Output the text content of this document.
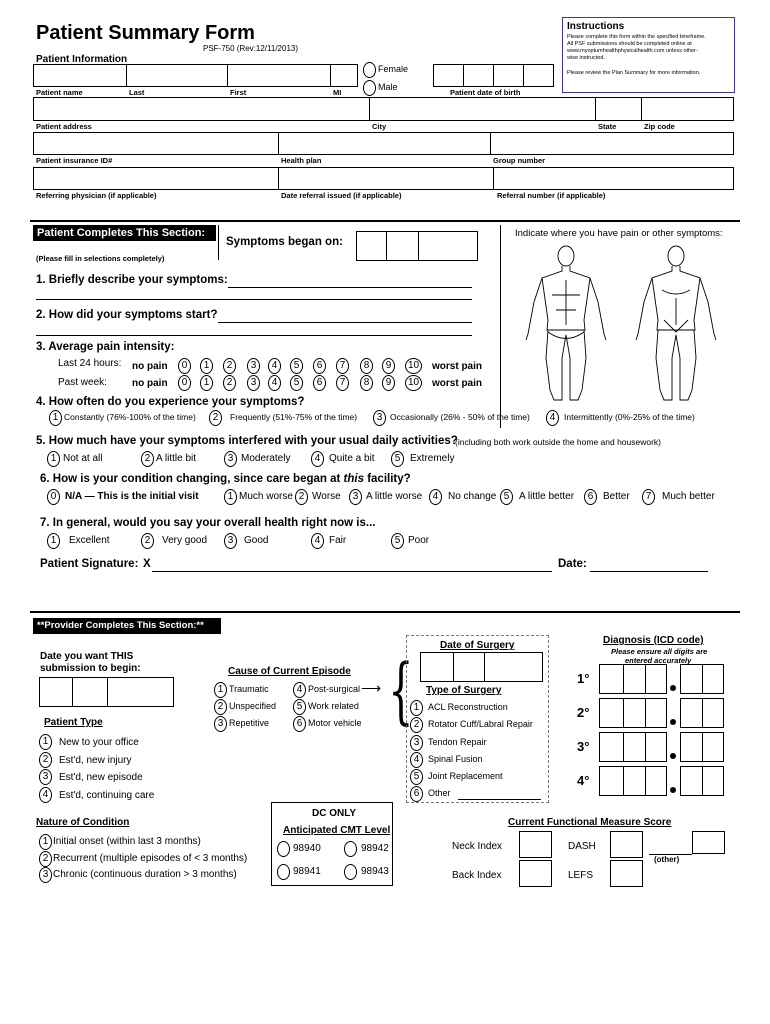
Patient Summary Form
PSF-750 (Rev:12/11/2013)
Patient Information
Instructions
Please complete this form within the specified timeframe.
All PSF submissions should be completed online at
www.myoptumhealthphysicalhealth.com unless other-
wise instructed.
Please review the Plan Summary for more information.
Female
Male
Patient name	Last	First	MI	Patient date of birth
Patient address	City	State	Zip code
Patient insurance ID#	Health plan	Group number
Referring physician (if applicable)	Date referral issued (if applicable)	Referral number (if applicable)
Patient Completes This Section:
Symptoms began on:
(Please fill in selections completely)
Indicate where you have pain or other symptoms:
1. Briefly describe your symptoms:
2. How did your symptoms start?
3. Average pain intensity:
Last 24 hours: no pain	worst pain
Past week:	no pain	worst pain
0	1	2	3	4	5	6	7	8	9	10
0	1	2	3	4	5	6	7	8	9	10
4. How often do you experience your symptoms?
1 Constantly (76%-100% of the time)	2	Frequently (51%-75% of the time)	3 Occasionally (26% - 50% of the time)	4	Intermittently (0%-25% of the time)
5. How much have your symptoms interfered with your usual daily activities?
(including both work outside the home and housework)
1 Not at all	2 A little bit	3 Moderately	4 Quite a bit	5 Extremely
6. How is your condition changing, since care began at this facility?
0 N/A — This is the initial visit	1 Much worse 2 Worse	3 A little worse	4 No change 5 A little better	6 Better	7	Much better
7. In general, would you say your overall health right now is...
1	Excellent	2	Very good	3	Good	4 Fair	5 Poor
Patient Signature: X	Date:
**Provider Completes This Section:**
Date you want THIS
submission to begin:	Cause of Current Episode
1 Traumatic
2 Unspecified
3 Repetitive
4 Post-surgical
5 Work related
6 Motor vehicle
⟶ {
Date of Surgery
Type of Surgery
1 ACL Reconstruction
2 Rotator Cuff/Labral Repair
3 Tendon Repair
4 Spinal Fusion
5 Joint Replacement
6 Other
Diagnosis (ICD code)
Please ensure all digits are
entered accurately
1°
2°
3°
4°
Patient Type
1	New to your office
2	Est'd, new injury
3	Est'd, new episode
4	Est'd, continuing care
DC ONLY
Anticipated CMT Level
98940	98942
98941	98943
Nature of Condition
1 Initial onset (within last 3 months)
2 Recurrent (multiple episodes of < 3 months)
3 Chronic (continuous duration > 3 months)
Current Functional Measure Score
Neck Index	DASH
(other)
Back Index	LEFS
